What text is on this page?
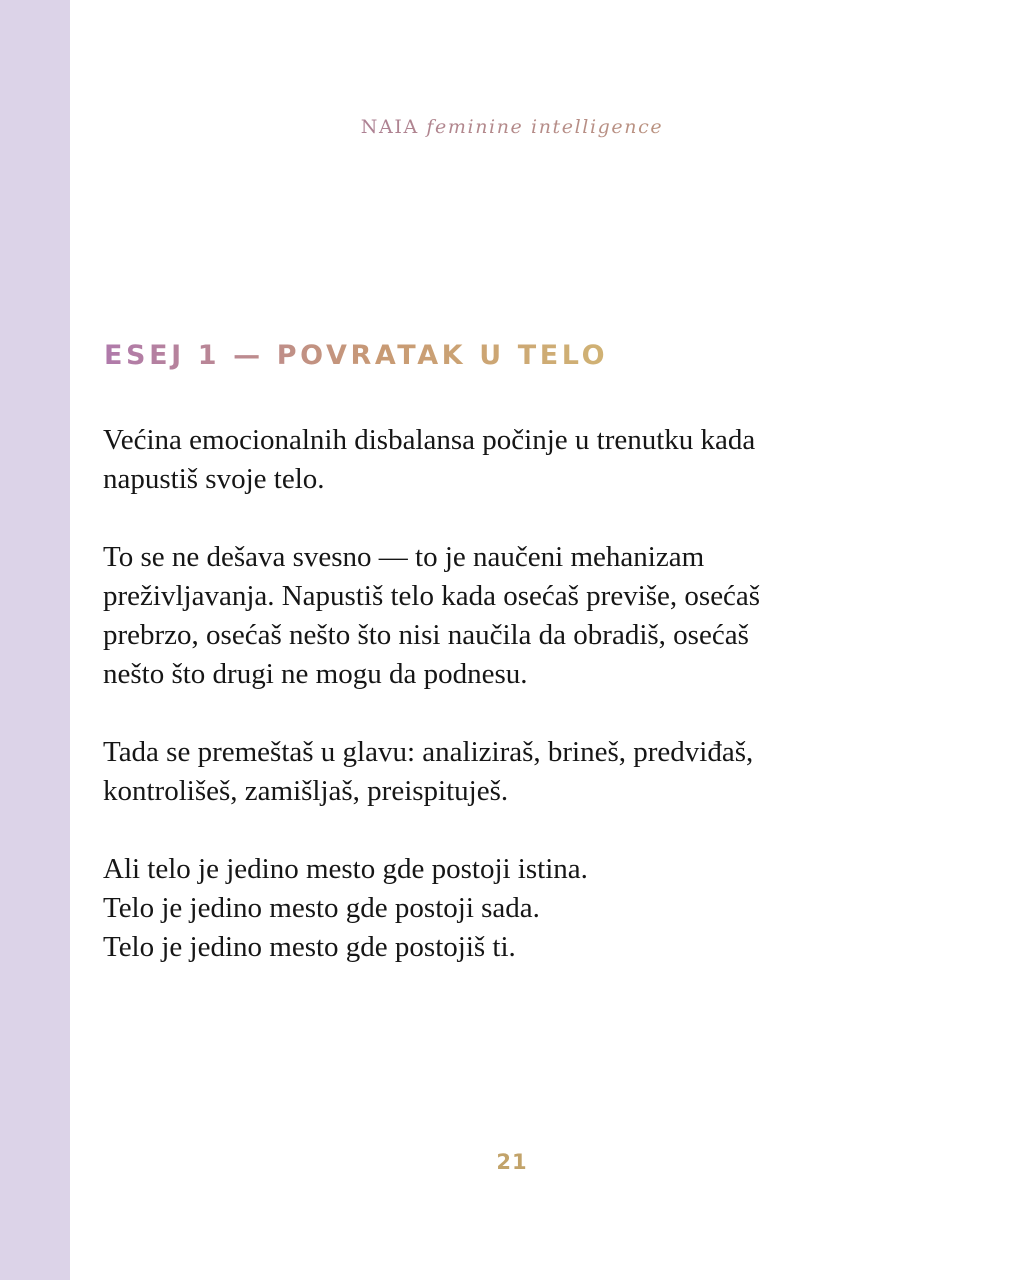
NAIA feminine intelligence
ESEJ 1 — POVRATAK U TELO

Većina emocionalnih disbalansa počinje u trenutku kada
napustiš svoje telo.

To se ne dešava svesno — to je naučeni mehanizam
preživljavanja. Napustiš telo kada osećaš previše, osećaš
prebrzo, osećaš nešto što nisi naučila da obradiš, osećaš
nešto što drugi ne mogu da podnesu.

Tada se premeštaš u glavu: analiziraš, brineš, predviđaš,
kontrolišeš, zamišljaš, preispituješ.

Ali telo je jedino mesto gde postoji istina.
Telo je jedino mesto gde postoji sada.
Telo je jedino mesto gde postojiš ti.

21
